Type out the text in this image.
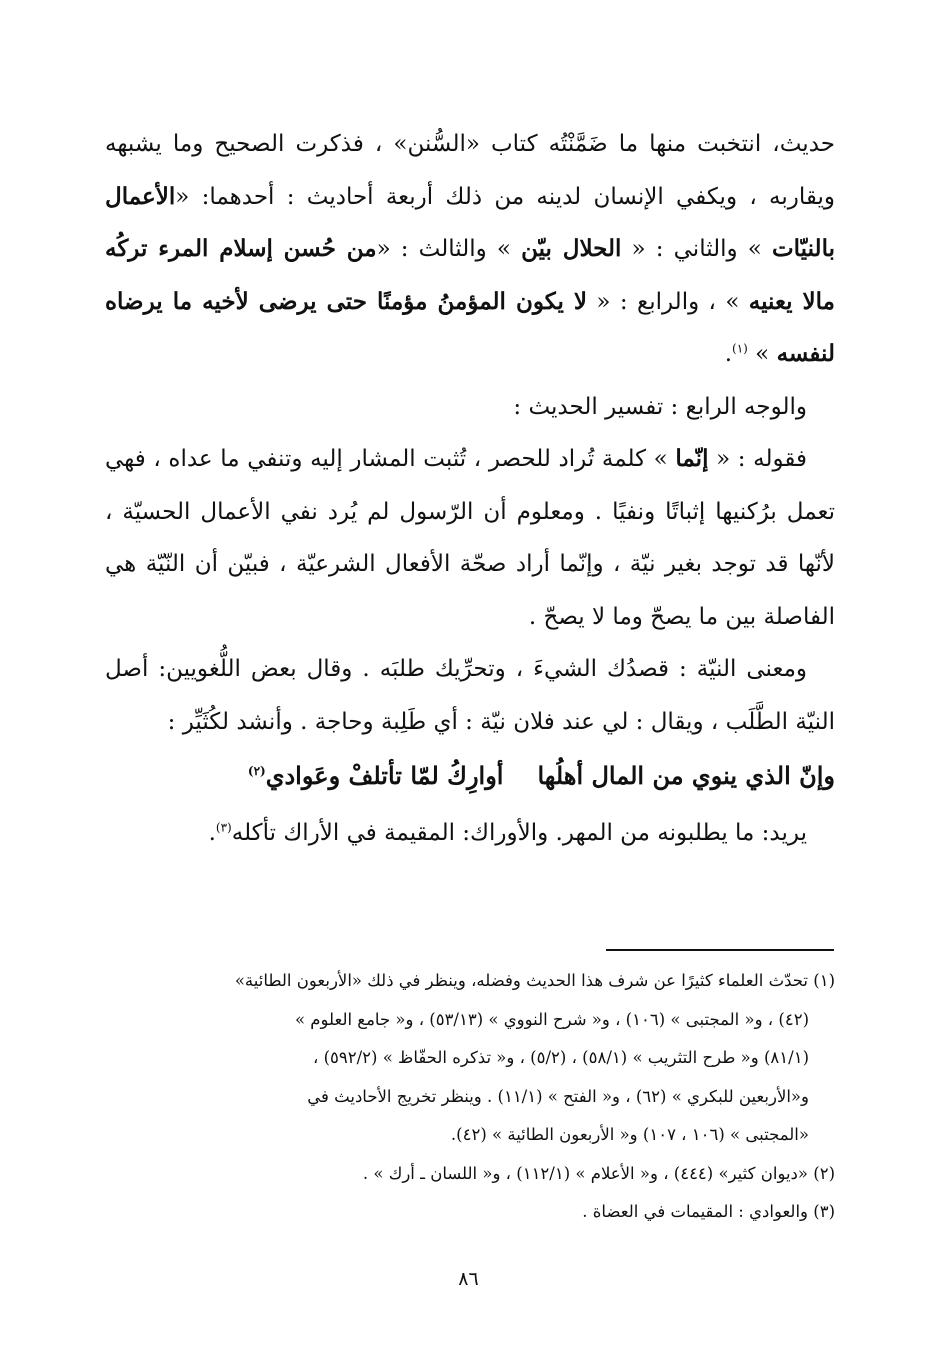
حديث، انتخبت منها ما ضَمَّنْتُه كتاب «السُّنن» ، فذكرت الصحيح وما يشبهه ويقاربه ، ويكفي الإنسان لدينه من ذلك أربعة أحاديث : أحدهما: «الأعمال بالنيّات » والثاني : « الحلال بيّن » والثالث : «من حُسن إسلام المرء تركُه مالا يعنيه » ، والرابع : « لا يكون المؤمنُ مؤمنًا حتى يرضى لأخيه ما يرضاه لنفسه » $^{(١)}$.

والوجه الرابع : تفسير الحديث :

فقوله : « إنّما » كلمة تُراد للحصر ، تُثبت المشار إليه وتنفي ما عداه ، فهي تعمل برُكنيها إثباتًا ونفيًا . ومعلوم أن الرّسول لم يُرد نفي الأعمال الحسيّة ، لأنّها قد توجد بغير نيّة ، وإنّما أراد صحّة الأفعال الشرعيّة ، فبيّن أن النّيّة هي الفاصلة بين ما يصحّ وما لا يصحّ .

ومعنى النيّة : قصدُك الشيءَ ، وتحرِّيك طلبَه . وقال بعض اللُّغويين: أصل النيّة الطَّلَب ، ويقال : لي عند فلان نيّة : أي طَلِبة وحاجة . وأنشد لكُثَيِّر :

وإنّ الذي ينوي من المال أهلُها
أوارِكُ لمّا تأتلفْ وعَوادي$^{(٢)}$

يريد: ما يطلبونه من المهر. والأوراك: المقيمة في الأراك تأكله$^{(٣)}$.

(١) تحدّث العلماء كثيرًا عن شرف هذا الحديث وفضله، وينظر في ذلك «الأربعون الطائية»

(٤٢) ، و« المجتبى » (١٠٦) ، و« شرح النووي » (٥٣/١٣) ، و« جامع العلوم »

(٨١/١) و« طرح التثريب » (٥٨/١) ، (٥/٢) ، و« تذكره الحفّاظ » (٥٩٢/٢) ،

و«الأربعين للبكري » (٦٢) ، و« الفتح » (١١/١) . وينظر تخريج الأحاديث في

«المجتبى » (١٠٦ ، ١٠٧) و« الأربعون الطائية » (٤٢).

(٢) «ديوان كثير» (٤٤٤) ، و« الأعلام » (١١٢/١) ، و« اللسان ـ أرك » .

(٣) والعوادي : المقيمات في العضاة .

٨٦
